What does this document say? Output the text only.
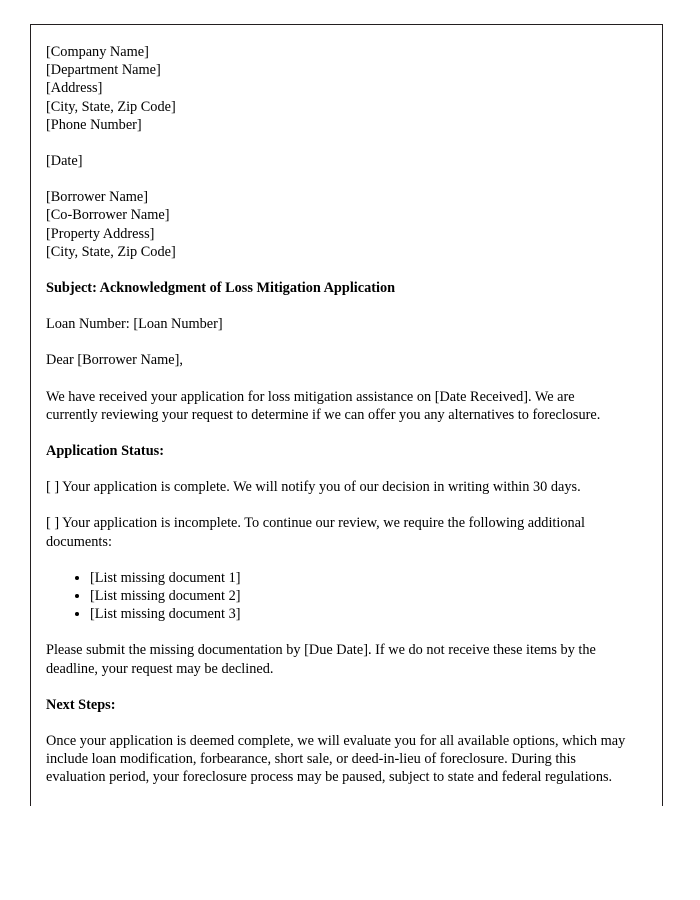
[Company Name]
[Department Name]
[Address]
[City, State, Zip Code]
[Phone Number]
[Date]
[Borrower Name]
[Co-Borrower Name]
[Property Address]
[City, State, Zip Code]

Subject: Acknowledgment of Loss Mitigation Application

Loan Number: [Loan Number]

Dear [Borrower Name],

We have received your application for loss mitigation assistance on [Date Received]. We are currently reviewing your request to determine if we can offer you any alternatives to foreclosure.

Application Status:

[ ] Your application is complete. We will notify you of our decision in writing within 30 days.

[ ] Your application is incomplete. To continue our review, we require the following additional documents:

• [List missing document 1]
• [List missing document 2]
• [List missing document 3]

Please submit the missing documentation by [Due Date]. If we do not receive these items by the deadline, your request may be declined.

Next Steps:

Once your application is deemed complete, we will evaluate you for all available options, which may include loan modification, forbearance, short sale, or deed-in-lieu of foreclosure. During this evaluation period, your foreclosure process may be paused, subject to state and federal regulations.
